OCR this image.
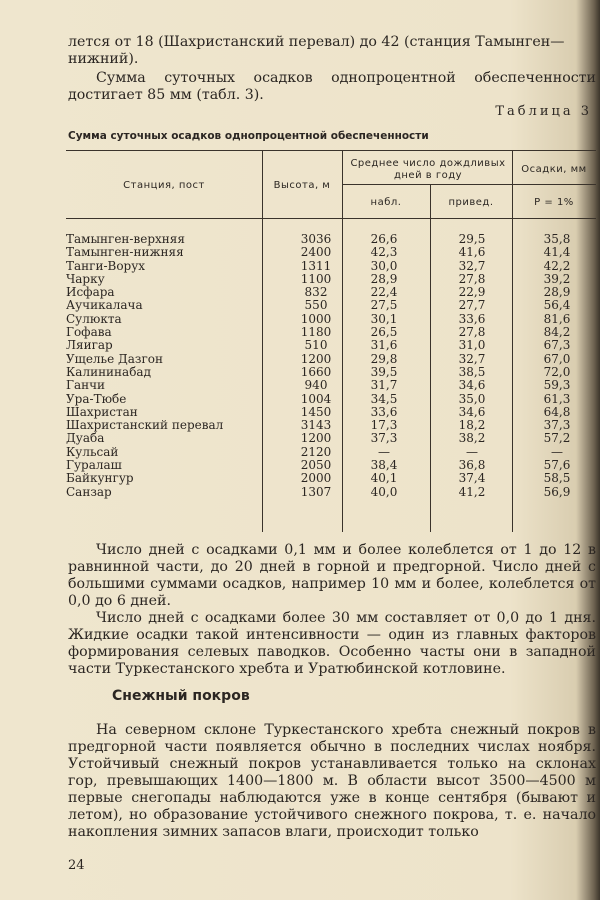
лется от 18 (Шахристанский перевал) до 42 (станция Тамынген—
нижний).

Сумма суточных осадков однопроцентной обеспеченности достигает 85 мм (табл. 3).

Таблица 3
Сумма суточных осадков однопроцентной обеспеченности
Станция, пост	Высота, м
Среднее число дождливых дней в году
набл.	привед.
Осадки, мм
P = 1%
Тамынген-верхняя	3036	26,6	29,5	35,8
Тамынген-нижняя	2400	42,3	41,6	41,4
Танги-Ворух	1311	30,0	32,7	42,2
Чарку	1100	28,9	27,8	39,2
Исфара	832	22,4	22,9	28,9
Аучикалача	550	27,5	27,7	56,4
Сулюкта	1000	30,1	33,6	81,6
Гофава	1180	26,5	27,8	84,2
Ляигар	510	31,6	31,0	67,3
Ущелье Дазгон	1200	29,8	32,7	67,0
Калининабад	1660	39,5	38,5	72,0
Ганчи	940	31,7	34,6	59,3
Ура-Тюбе	1004	34,5	35,0	61,3
Шахристан	1450	33,6	34,6	64,8
Шахристанский перевал	3143	17,3	18,2	37,3
Дуаба	1200	37,3	38,2	57,2
Кульсай	2120	—	—	—
Гуралаш	2050	38,4	36,8	57,6
Байкунгур	2000	40,1	37,4	58,5
Санзар	1307	40,0	41,2	56,9

Число дней с осадками 0,1 мм и более колеблется от 1 до 12 в равнинной части, до 20 дней в горной и предгорной. Число дней с большими суммами осадков, например 10 мм и более, колеблется от 0,0 до 6 дней.

Число дней с осадками более 30 мм составляет от 0,0 до 1 дня. Жидкие осадки такой интенсивности — один из главных факторов формирования селевых паводков. Особенно часты они в западной части Туркестанского хребта и Уратюбинской котловине.

Снежный покров

На северном склоне Туркестанского хребта снежный покров в предгорной части появляется обычно в последних числах ноября. Устойчивый снежный покров устанавливается только на склонах гор, превышающих 1400—1800 м. В области высот 3500—4500 м первые снегопады наблюдаются уже в конце сентября (бывают и летом), но образование устойчивого снежного покрова, т. е. начало накопления зимних запасов влаги, происходит только

24
